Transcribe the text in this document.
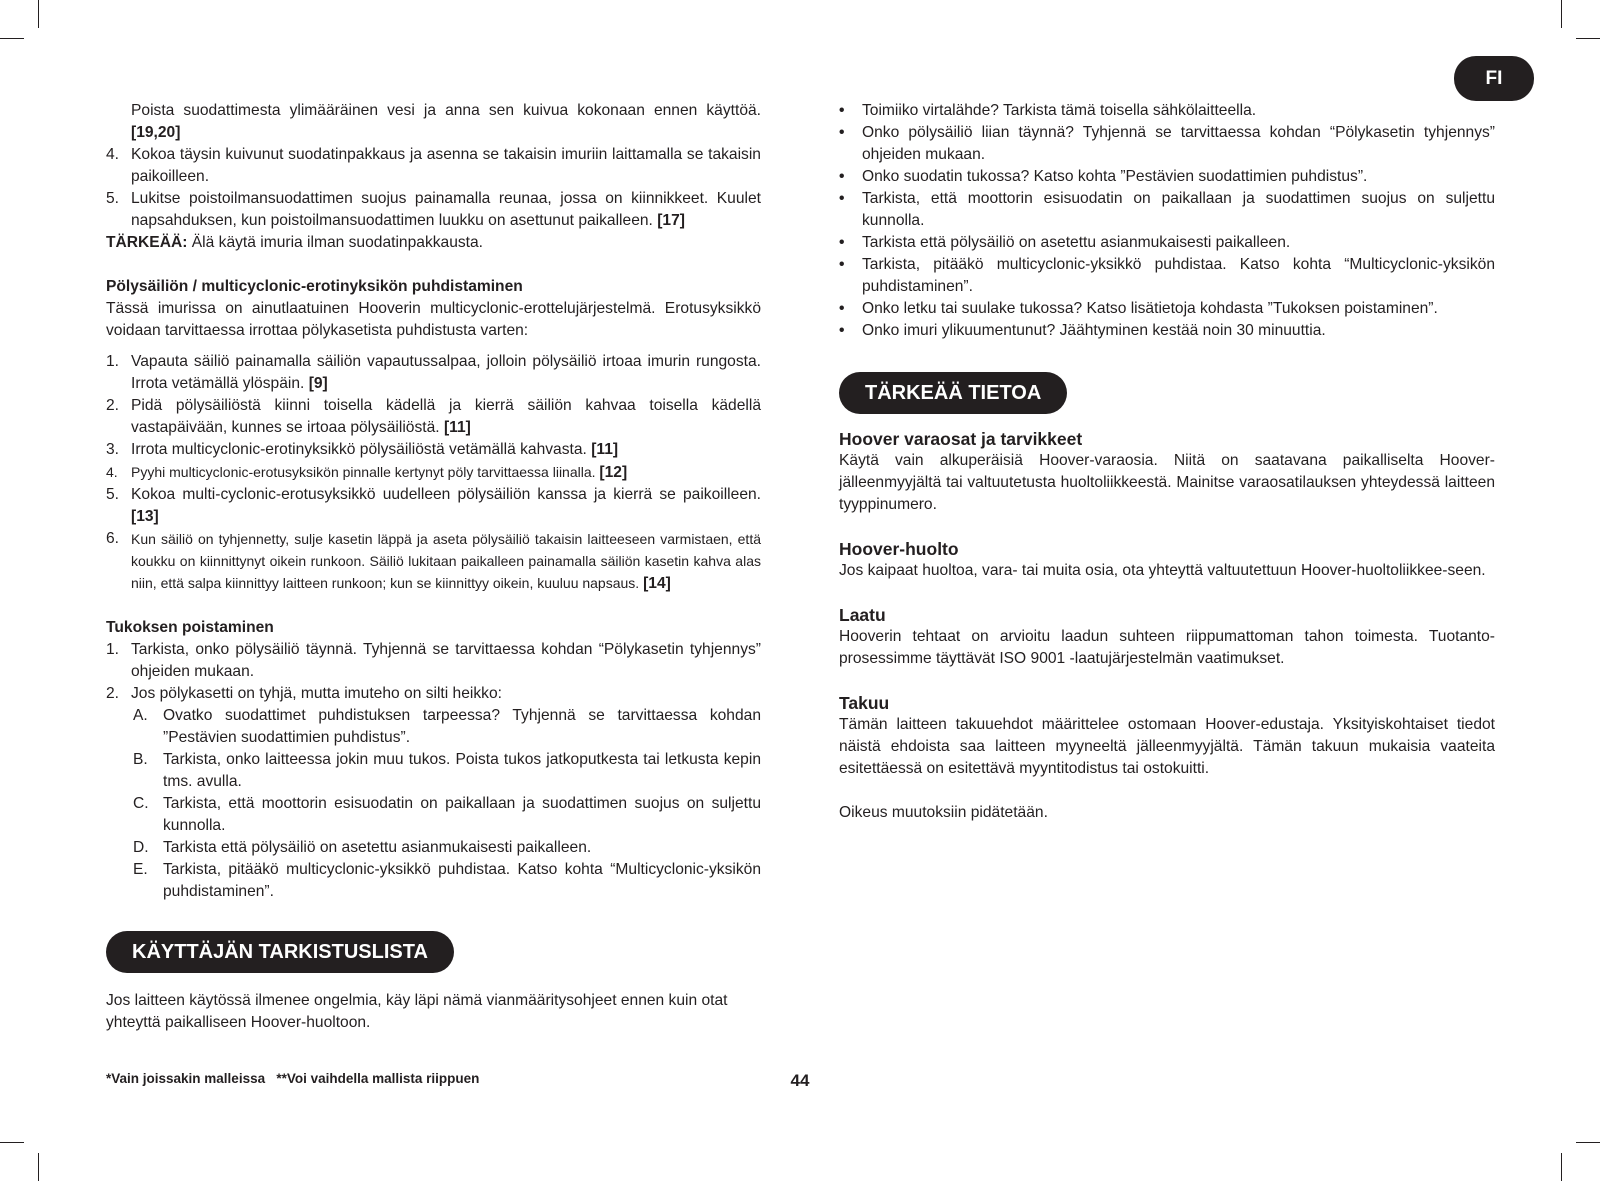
FI
Poista suodattimesta ylimääräinen vesi ja anna sen kuivua kokonaan ennen käyttöä. [19,20]
4. Kokoa täysin kuivunut suodatinpakkaus ja asenna se takaisin imuriin laittamalla se takaisin paikoilleen.
5. Lukitse poistoilmansuodattimen suojus painamalla reunaa, jossa on kiinnikkeet. Kuulet napsahduksen, kun poistoilmansuodattimen luukku on asettunut paikalleen. [17]

TÄRKEÄÄ: Älä käytä imuria ilman suodatinpakkausta.

Pölysäiliön / multicyclonic-erotinyksikön puhdistaminen

Tässä imurissa on ainutlaatuinen Hooverin multicyclonic-erottelujärjestelmä. Erotusyksikkö voidaan tarvittaessa irrottaa pölykasetista puhdistusta varten:

1. Vapauta säiliö painamalla säiliön vapautussalpaa, jolloin pölysäiliö irtoaa imurin rungosta. Irrota vetämällä ylöspäin. [9]
2. Pidä pölysäiliöstä kiinni toisella kädellä ja kierrä säiliön kahvaa toisella kädellä vastapäivään, kunnes se irtoaa pölysäiliöstä. [11]
3. Irrota multicyclonic-erotinyksikkö pölysäiliöstä vetämällä kahvasta. [11]
4. Pyyhi multicyclonic-erotusyksikön pinnalle kertynyt pöly tarvittaessa liinalla. [12]
5. Kokoa multi-cyclonic-erotusyksikkö uudelleen pölysäiliön kanssa ja kierrä se paikoilleen. [13]
6. Kun säiliö on tyhjennetty, sulje kasetin läppä ja aseta pölysäiliö takaisin laitteeseen varmistaen, että koukku on kiinnittynyt oikein runkoon. Säiliö lukitaan paikalleen painamalla säiliön kasetin kahva alas niin, että salpa kiinnittyy laitteen runkoon; kun se kiinnittyy oikein, kuuluu napsaus. [14]

Tukoksen poistaminen

1. Tarkista, onko pölysäiliö täynnä. Tyhjennä se tarvittaessa kohdan “Pölykasetin tyhjennys” ohjeiden mukaan.
2. Jos pölykasetti on tyhjä, mutta imuteho on silti heikko:
A. Ovatko suodattimet puhdistuksen tarpeessa? Tyhjennä se tarvittaessa kohdan ”Pestävien suodattimien puhdistus”.
B. Tarkista, onko laitteessa jokin muu tukos. Poista tukos jatkoputkesta tai letkusta kepin tms. avulla.
C. Tarkista, että moottorin esisuodatin on paikallaan ja suodattimen suojus on suljettu kunnolla.
D. Tarkista että pölysäiliö on asetettu asianmukaisesti paikalleen.
E. Tarkista, pitääkö multicyclonic-yksikkö puhdistaa. Katso kohta “Multicyclonic-yksikön puhdistaminen”.
KÄYTTÄJÄN TARKISTUSLISTA

Jos laitteen käytössä ilmenee ongelmia, käy läpi nämä vianmääritysohjeet ennen kuin otat yhteyttä paikalliseen Hoover-huoltoon.

• Toimiiko virtalähde? Tarkista tämä toisella sähkölaitteella.
• Onko pölysäiliö liian täynnä? Tyhjennä se tarvittaessa kohdan “Pölykasetin tyhjennys” ohjeiden mukaan.
• Onko suodatin tukossa? Katso kohta ”Pestävien suodattimien puhdistus”.
• Tarkista, että moottorin esisuodatin on paikallaan ja suodattimen suojus on suljettu kunnolla.
• Tarkista että pölysäiliö on asetettu asianmukaisesti paikalleen.
• Tarkista, pitääkö multicyclonic-yksikkö puhdistaa. Katso kohta “Multicyclonic-yksikön puhdistaminen”.
• Onko letku tai suulake tukossa? Katso lisätietoja kohdasta ”Tukoksen poistaminen”.
• Onko imuri ylikuumentunut? Jäähtyminen kestää noin 30 minuuttia.
TÄRKEÄÄ TIETOA

Hoover varaosat ja tarvikkeet

Käytä vain alkuperäisiä Hoover-varaosia. Niitä on saatavana paikalliselta Hoover-jälleenmyyjältä tai valtuutetusta huoltoliikkeestä. Mainitse varaosatilauksen yhteydessä laitteen tyyppinumero.

Hoover-huolto

Jos kaipaat huoltoa, vara- tai muita osia, ota yhteyttä valtuutettuun Hoover-huoltoliikkee-seen.

Laatu

Hooverin tehtaat on arvioitu laadun suhteen riippumattoman tahon toimesta. Tuotanto-prosessimme täyttävät ISO 9001 -laatujärjestelmän vaatimukset.

Takuu

Tämän laitteen takuuehdot määrittelee ostomaan Hoover-edustaja. Yksityiskohtaiset tiedot näistä ehdoista saa laitteen myyneeltä jälleenmyyjältä. Tämän takuun mukaisia vaateita esitettäessä on esitettävä myyntitodistus tai ostokuitti.

Oikeus muutoksiin pidätetään.

*Vain joissakin malleissa   **Voi vaihdella mallista riippuen	44
